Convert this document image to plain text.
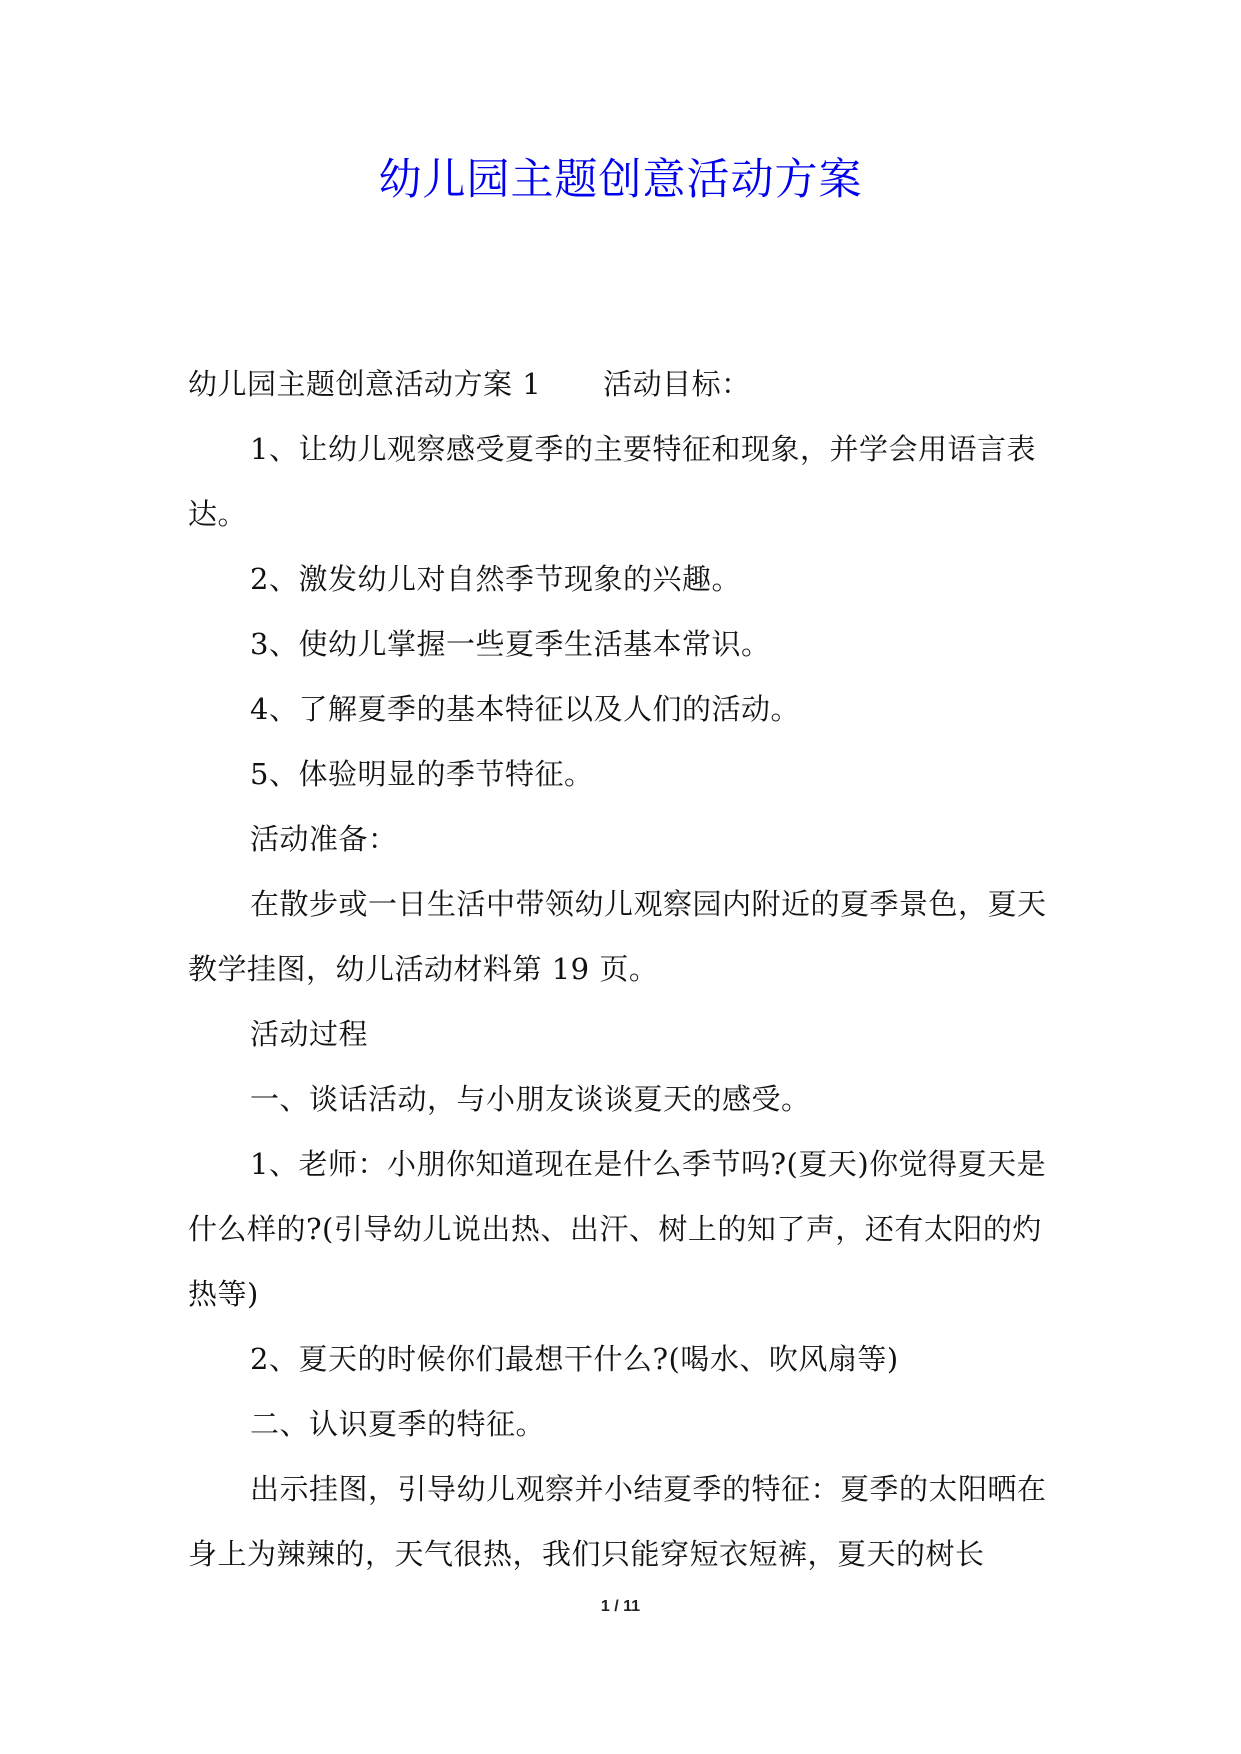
幼儿园主题创意活动方案

幼儿园主题创意活动方案 1 活动目标：

1、让幼儿观察感受夏季的主要特征和现象，并学会用语言表达。

2、激发幼儿对自然季节现象的兴趣。

3、使幼儿掌握一些夏季生活基本常识。

4、了解夏季的基本特征以及人们的活动。

5、体验明显的季节特征。

活动准备：

在散步或一日生活中带领幼儿观察园内附近的夏季景色，夏天教学挂图，幼儿活动材料第 19 页。

活动过程

一、谈话活动，与小朋友谈谈夏天的感受。

1、老师：小朋你知道现在是什么季节吗?(夏天)你觉得夏天是什么样的?(引导幼儿说出热、出汗、树上的知了声，还有太阳的灼热等)

2、夏天的时候你们最想干什么?(喝水、吹风扇等)

二、认识夏季的特征。

出示挂图，引导幼儿观察并小结夏季的特征：夏季的太阳晒在身上为辣辣的，天气很热，我们只能穿短衣短裤，夏天的树长

1 / 11
